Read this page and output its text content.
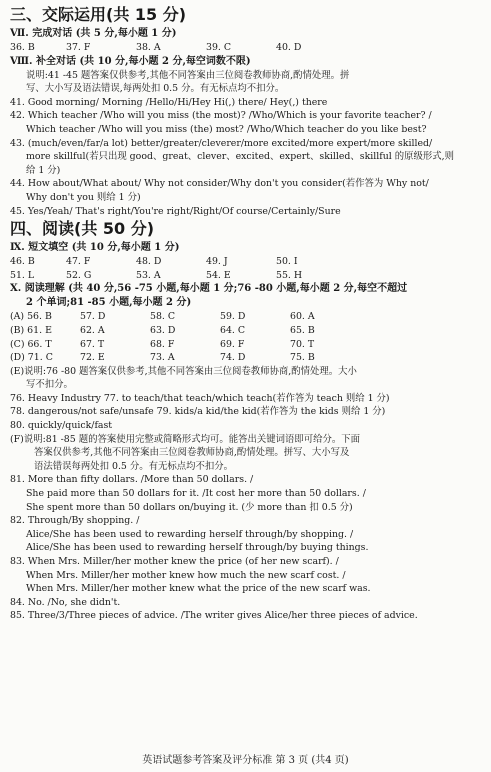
三、交际运用(共 15 分)
Ⅶ. 完成对话 (共 5 分,每小题 1 分)
36. B	37. F	38. A	39. C	40. D
Ⅷ. 补全对话 (共 10 分,每小题 2 分,每空词数不限)
说明:41 -45 题答案仅供参考,其他不同答案由三位阅卷教师协商,酌情处理。拼
写、大小写及语法错误,每两处扣 0.5 分。有无标点均不扣分。
41. Good morning/ Morning /Hello/Hi/Hey Hi(,) there/ Hey(,) there
42. Which teacher /Who will you miss (the most)? /Who/Which is your favorite teacher? /
Which teacher /Who will you miss (the) most? /Who/Which teacher do you like best?
43. (much/even/far/a lot) better/greater/cleverer/more excited/more expert/more skilled/
more skillful(若只出现 good、great、clever、excited、expert、skilled、skillful 的原级形式,则
给 1 分)
44. How about/What about/ Why not consider/Why don't you consider(若作答为 Why not/
Why don't you 则给 1 分)
45. Yes/Yeah/ That's right/You're right/Right/Of course/Certainly/Sure
四、阅读(共 50 分)
Ⅸ. 短文填空 (共 10 分,每小题 1 分)
46. B	47. F	48. D	49. J	50. I
51. L	52. G	53. A	54. E	55. H
Ⅹ. 阅读理解 (共 40 分,56 -75 小题,每小题 1 分;76 -80 小题,每小题 2 分,每空不超过
2 个单词;81 -85 小题,每小题 2 分)
(A) 56. B	57. D	58. C	59. D	60. A
(B) 61. E	62. A	63. D	64. C	65. B
(C) 66. T	67. T	68. F	69. F	70. T
(D) 71. C	72. E	73. A	74. D	75. B
(E)说明:76 -80 题答案仅供参考,其他不同答案由三位阅卷教师协商,酌情处理。大小
写不扣分。
76. Heavy Industry 77. to teach/that teach/which teach(若作答为 teach 则给 1 分)
78. dangerous/not safe/unsafe 79. kids/a kid/the kid(若作答为 the kids 则给 1 分)
80. quickly/quick/fast
(F)说明:81 -85 题的答案使用完整或简略形式均可。能答出关键词语即可给分。下面
答案仅供参考,其他不同答案由三位阅卷教师协商,酌情处理。拼写、大小写及
语法错误每两处扣 0.5 分。有无标点均不扣分。
81. More than fifty dollars. /More than 50 dollars. /
She paid more than 50 dollars for it. /It cost her more than 50 dollars. /
She spent more than 50 dollars on/buying it. (少 more than 扣 0.5 分)
82. Through/By shopping. /
Alice/She has been used to rewarding herself through/by shopping. /
Alice/She has been used to rewarding herself through/by buying things.
83. When Mrs. Miller/her mother knew the price (of her new scarf). /
When Mrs. Miller/her mother knew how much the new scarf cost. /
When Mrs. Miller/her mother knew what the price of the new scarf was.
84. No. /No, she didn't.
85. Three/3/Three pieces of advice. /The writer gives Alice/her three pieces of advice.
英语试题参考答案及评分标准 第 3 页 (共4 页)
